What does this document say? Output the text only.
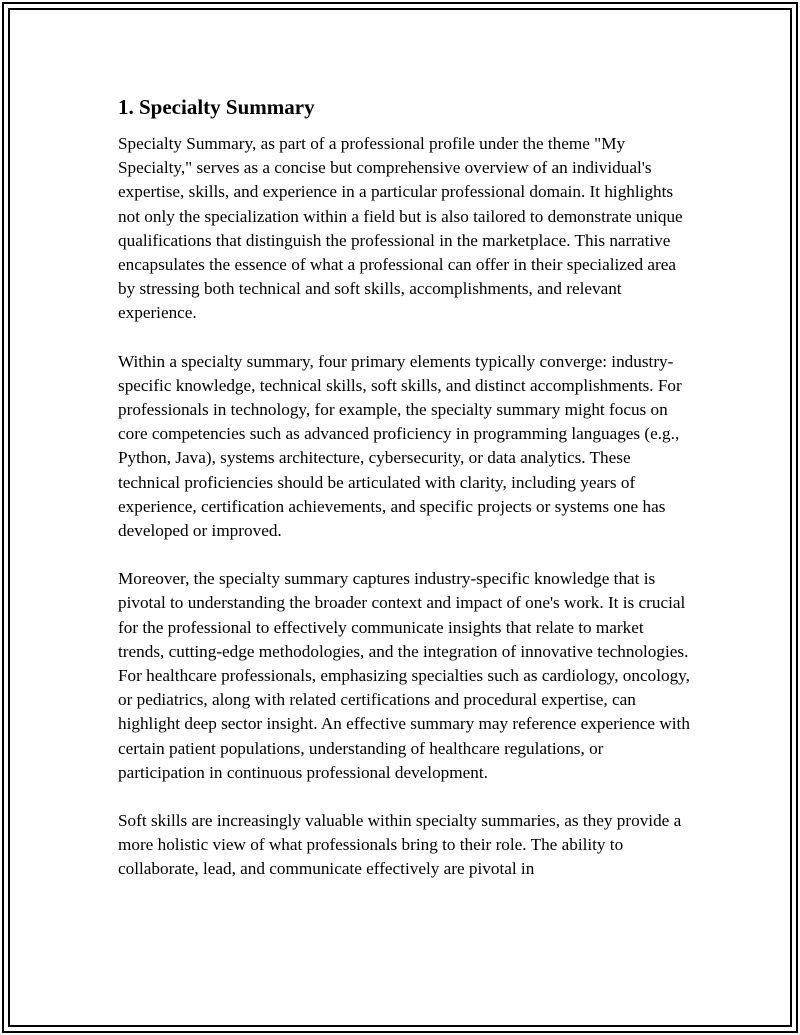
1. Specialty Summary

Specialty Summary, as part of a professional profile under the theme "My Specialty," serves as a concise but comprehensive overview of an individual's expertise, skills, and experience in a particular professional domain. It highlights not only the specialization within a field but is also tailored to demonstrate unique qualifications that distinguish the professional in the marketplace. This narrative encapsulates the essence of what a professional can offer in their specialized area by stressing both technical and soft skills, accomplishments, and relevant experience.

Within a specialty summary, four primary elements typically converge: industry-specific knowledge, technical skills, soft skills, and distinct accomplishments. For professionals in technology, for example, the specialty summary might focus on core competencies such as advanced proficiency in programming languages (e.g., Python, Java), systems architecture, cybersecurity, or data analytics. These technical proficiencies should be articulated with clarity, including years of experience, certification achievements, and specific projects or systems one has developed or improved.

Moreover, the specialty summary captures industry-specific knowledge that is pivotal to understanding the broader context and impact of one's work. It is crucial for the professional to effectively communicate insights that relate to market trends, cutting-edge methodologies, and the integration of innovative technologies. For healthcare professionals, emphasizing specialties such as cardiology, oncology, or pediatrics, along with related certifications and procedural expertise, can highlight deep sector insight. An effective summary may reference experience with certain patient populations, understanding of healthcare regulations, or participation in continuous professional development.

Soft skills are increasingly valuable within specialty summaries, as they provide a more holistic view of what professionals bring to their role. The ability to collaborate, lead, and communicate effectively are pivotal in
